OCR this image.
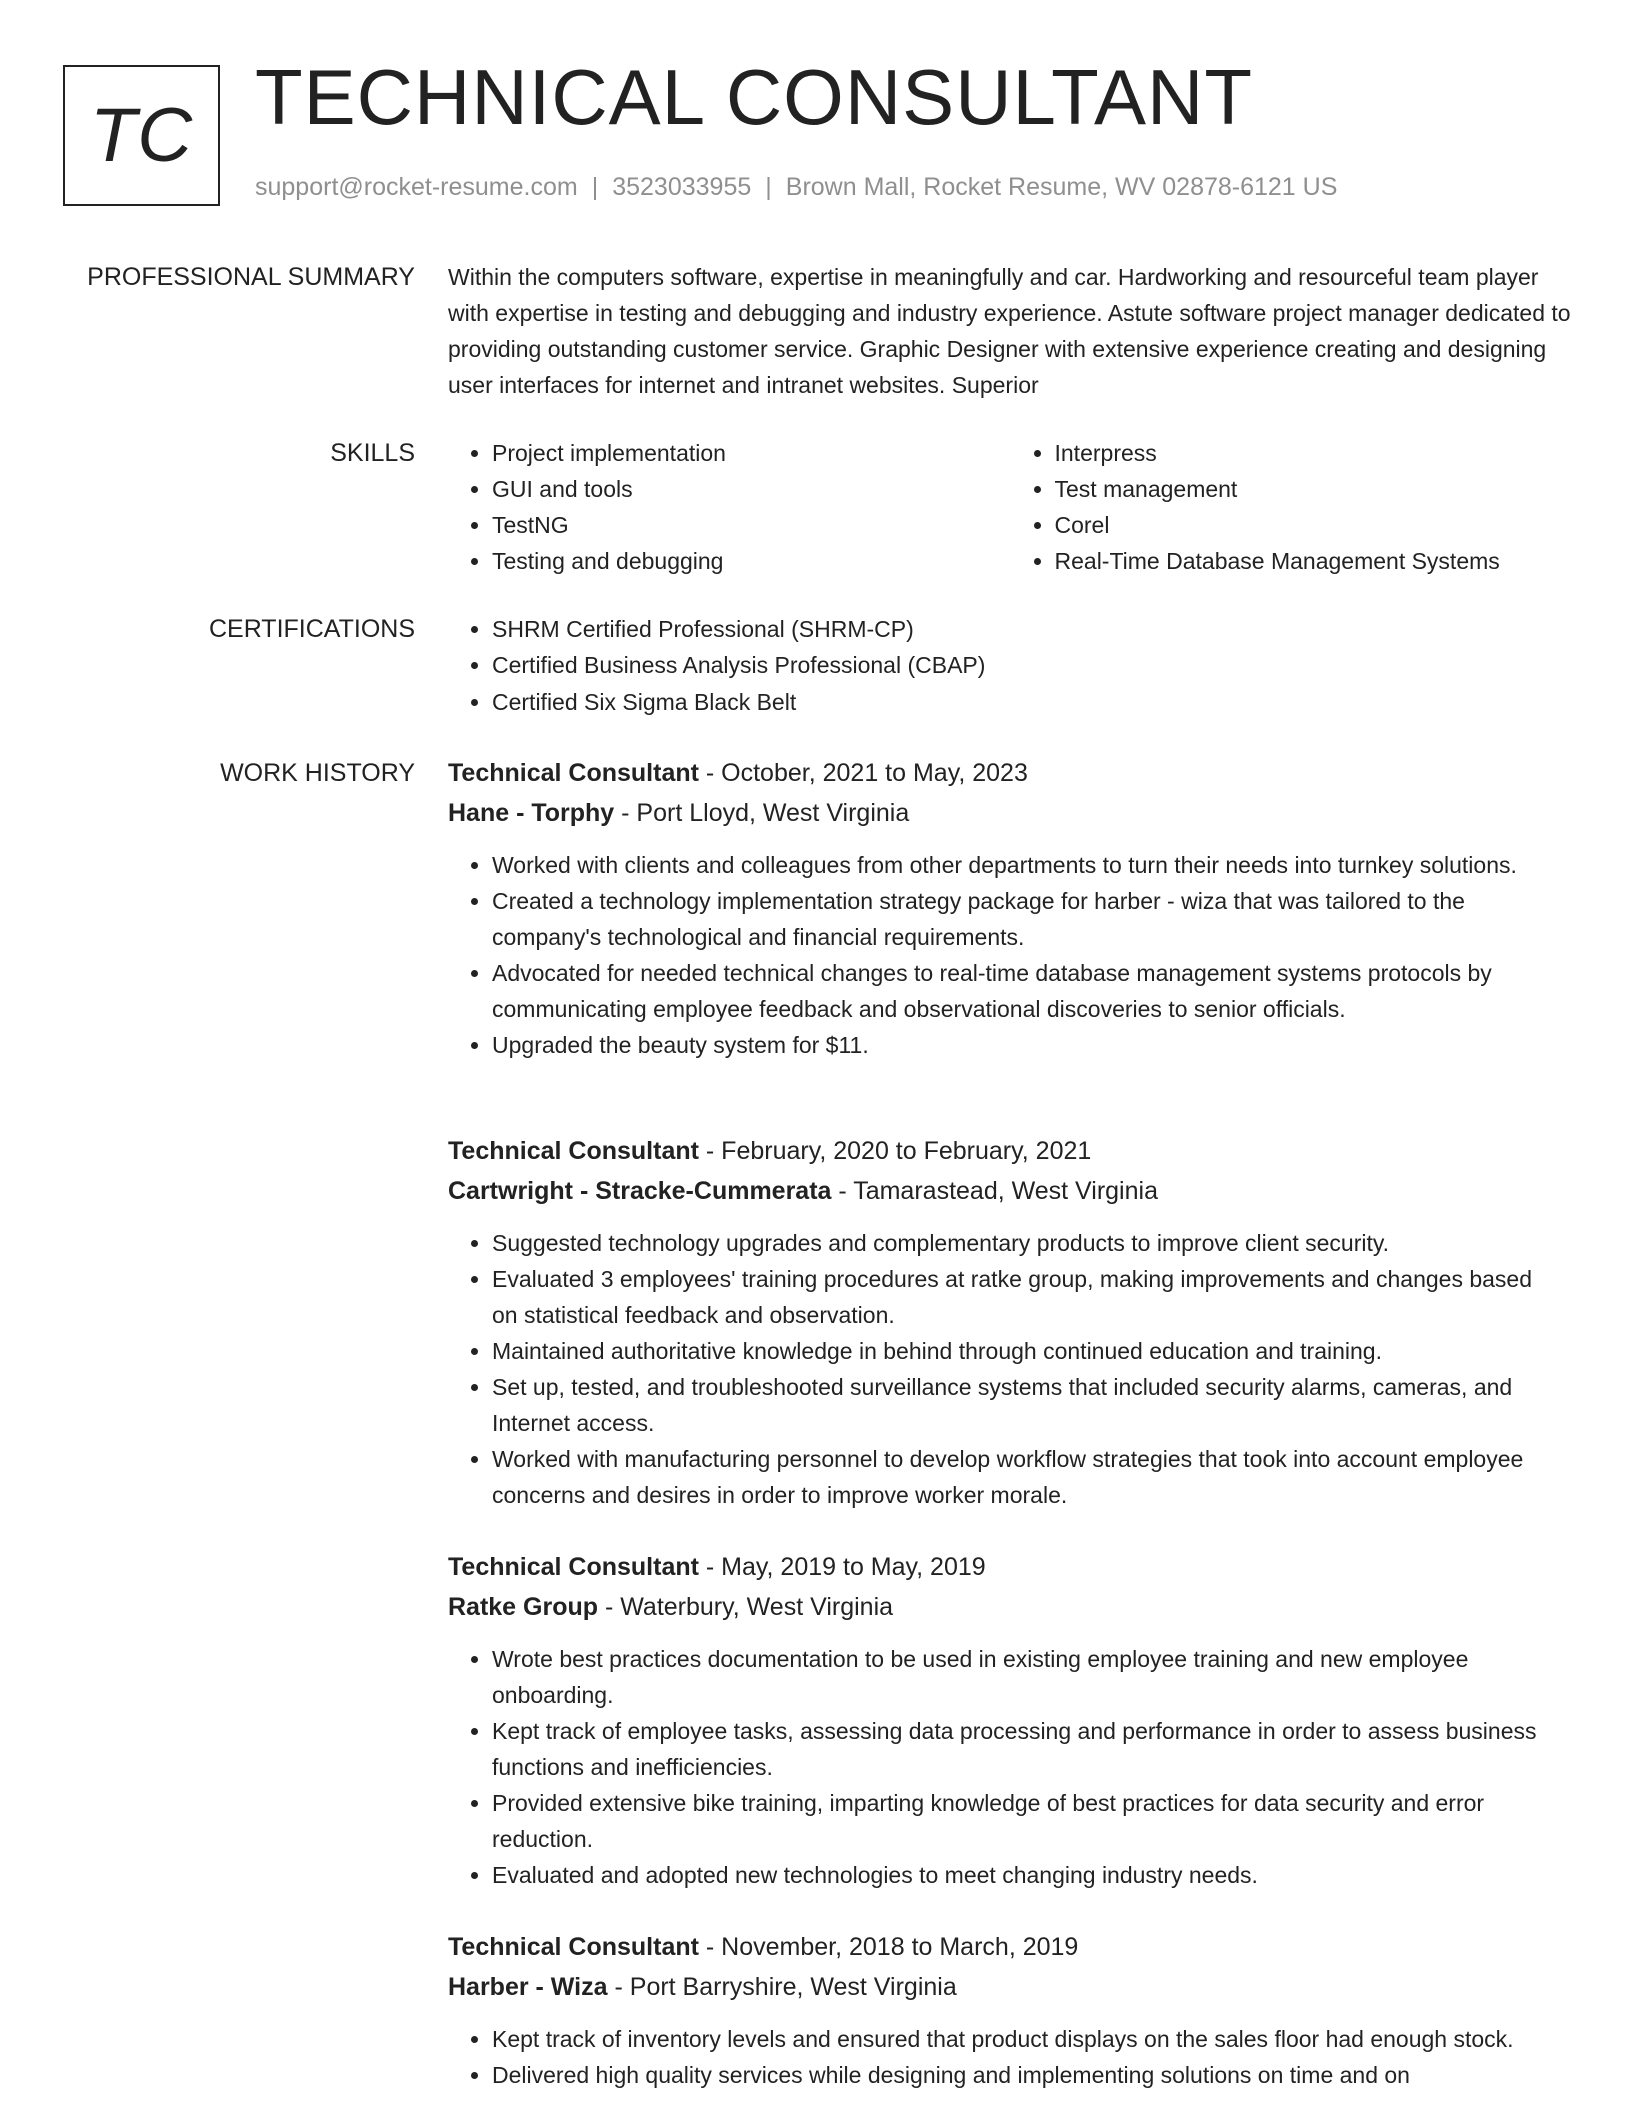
TC TECHNICAL CONSULTANT
support@rocket-resume.com | 3523033955 | Brown Mall, Rocket Resume, WV 02878-6121 US
PROFESSIONAL SUMMARY Within the computers software, expertise in meaningfully and car. Hardworking and resourceful team player with expertise in testing and debugging and industry experience. Astute software project manager dedicated to providing outstanding customer service. Graphic Designer with extensive experience creating and designing user interfaces for internet and intranet websites. Superior

SKILLS	• Project implementation
• GUI and tools
• TestNG
• Testing and debugging
• Interpress
• Test management
• Corel
• Real-Time Database Management Systems
CERTIFICATIONS	• SHRM Certified Professional (SHRM-CP)
• Certified Business Analysis Professional (CBAP)
• Certified Six Sigma Black Belt
WORK HISTORY Technical Consultant - October, 2021 to May, 2023
Hane - Torphy - Port Lloyd, West Virginia
• Worked with clients and colleagues from other departments to turn their needs into turnkey solutions.
• Created a technology implementation strategy package for harber - wiza that was tailored to the company's technological and financial requirements.
• Advocated for needed technical changes to real-time database management systems protocols by communicating employee feedback and observational discoveries to senior officials.
• Upgraded the beauty system for $11.
Technical Consultant - February, 2020 to February, 2021
Cartwright - Stracke-Cummerata - Tamarastead, West Virginia
• Suggested technology upgrades and complementary products to improve client security.
• Evaluated 3 employees' training procedures at ratke group, making improvements and changes based on statistical feedback and observation.
• Maintained authoritative knowledge in behind through continued education and training.
• Set up, tested, and troubleshooted surveillance systems that included security alarms, cameras, and Internet access.
• Worked with manufacturing personnel to develop workflow strategies that took into account employee concerns and desires in order to improve worker morale.
Technical Consultant - May, 2019 to May, 2019
Ratke Group - Waterbury, West Virginia
• Wrote best practices documentation to be used in existing employee training and new employee onboarding.
• Kept track of employee tasks, assessing data processing and performance in order to assess business functions and inefficiencies.
• Provided extensive bike training, imparting knowledge of best practices for data security and error reduction.
• Evaluated and adopted new technologies to meet changing industry needs.
Technical Consultant - November, 2018 to March, 2019
Harber - Wiza - Port Barryshire, West Virginia
• Kept track of inventory levels and ensured that product displays on the sales floor had enough stock.
• Delivered high quality services while designing and implementing solutions on time and on
